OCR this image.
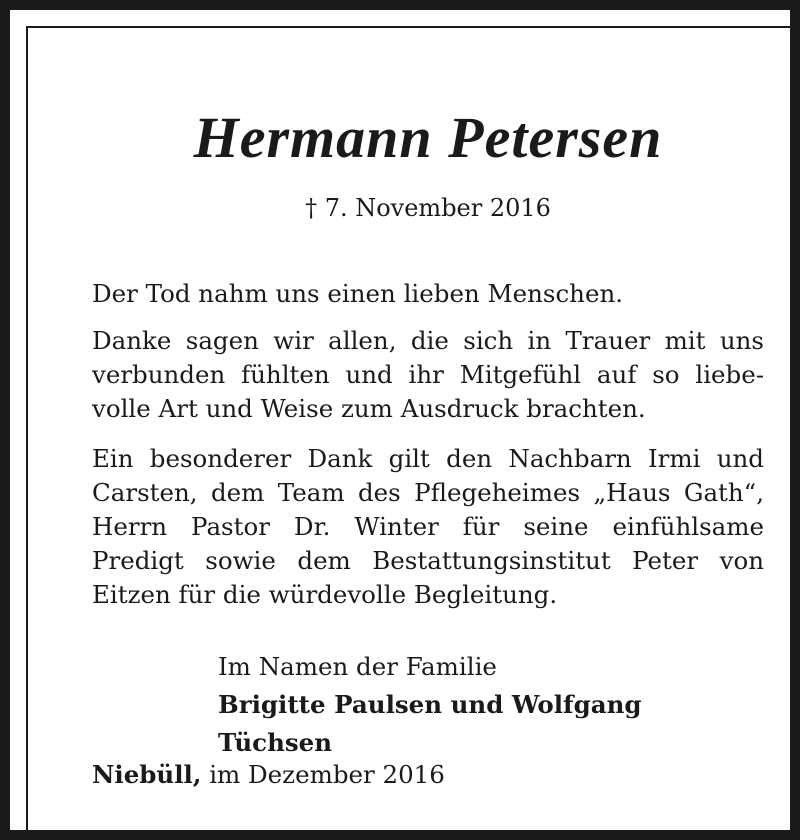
Hermann Petersen

† 7. November 2016

Der Tod nahm uns einen lieben Menschen.

Danke sagen wir allen, die sich in Trauer mit uns
verbunden fühlten und ihr Mitgefühl auf so liebe-
volle Art und Weise zum Ausdruck brachten.

Ein besonderer Dank gilt den Nachbarn Irmi und
Carsten, dem Team des Pflegeheimes „Haus Gath“,
Herrn Pastor Dr. Winter für seine einfühlsame
Predigt sowie dem Bestattungsinstitut Peter von
Eitzen für die würdevolle Begleitung.

Im Namen der Familie
Brigitte Paulsen und Wolfgang Tüchsen

Niebüll, im Dezember 2016
